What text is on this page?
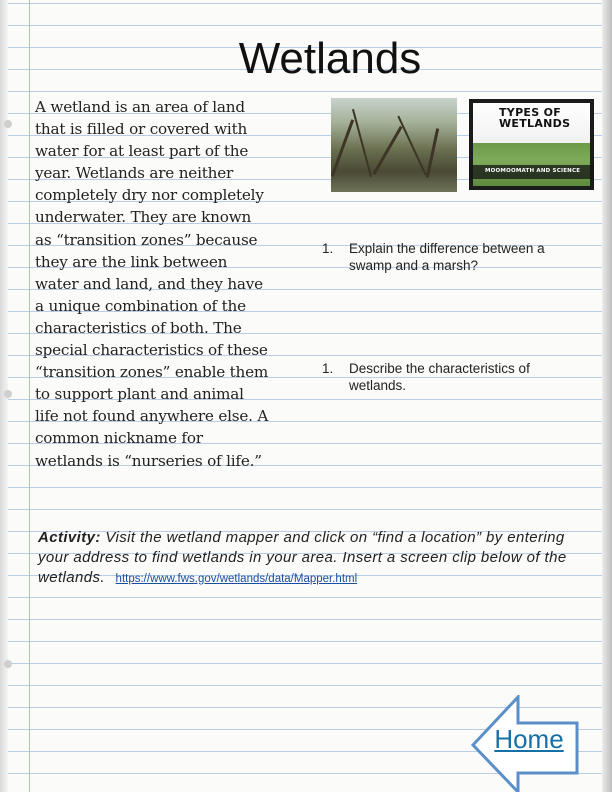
Wetlands
A wetland is an area of land that is filled or covered with water for at least part of the year. Wetlands are neither completely dry nor completely underwater. They are known as “transition zones” because they are the link between water and land, and they have a unique combination of the characteristics of both. The special characteristics of these “transition zones” enable them to support plant and animal life not found anywhere else. A common nickname for wetlands is “nurseries of life.”
TYPES OF
WETLANDS
MOOMOOMATH AND SCIENCE
1. Explain the difference between a swamp and a marsh?
1. Describe the characteristics of wetlands.
Activity: Visit the wetland mapper and click on “find a location” by entering your address to find wetlands in your area. Insert a screen clip below of the wetlands. https://www.fws.gov/wetlands/data/Mapper.html
Home
